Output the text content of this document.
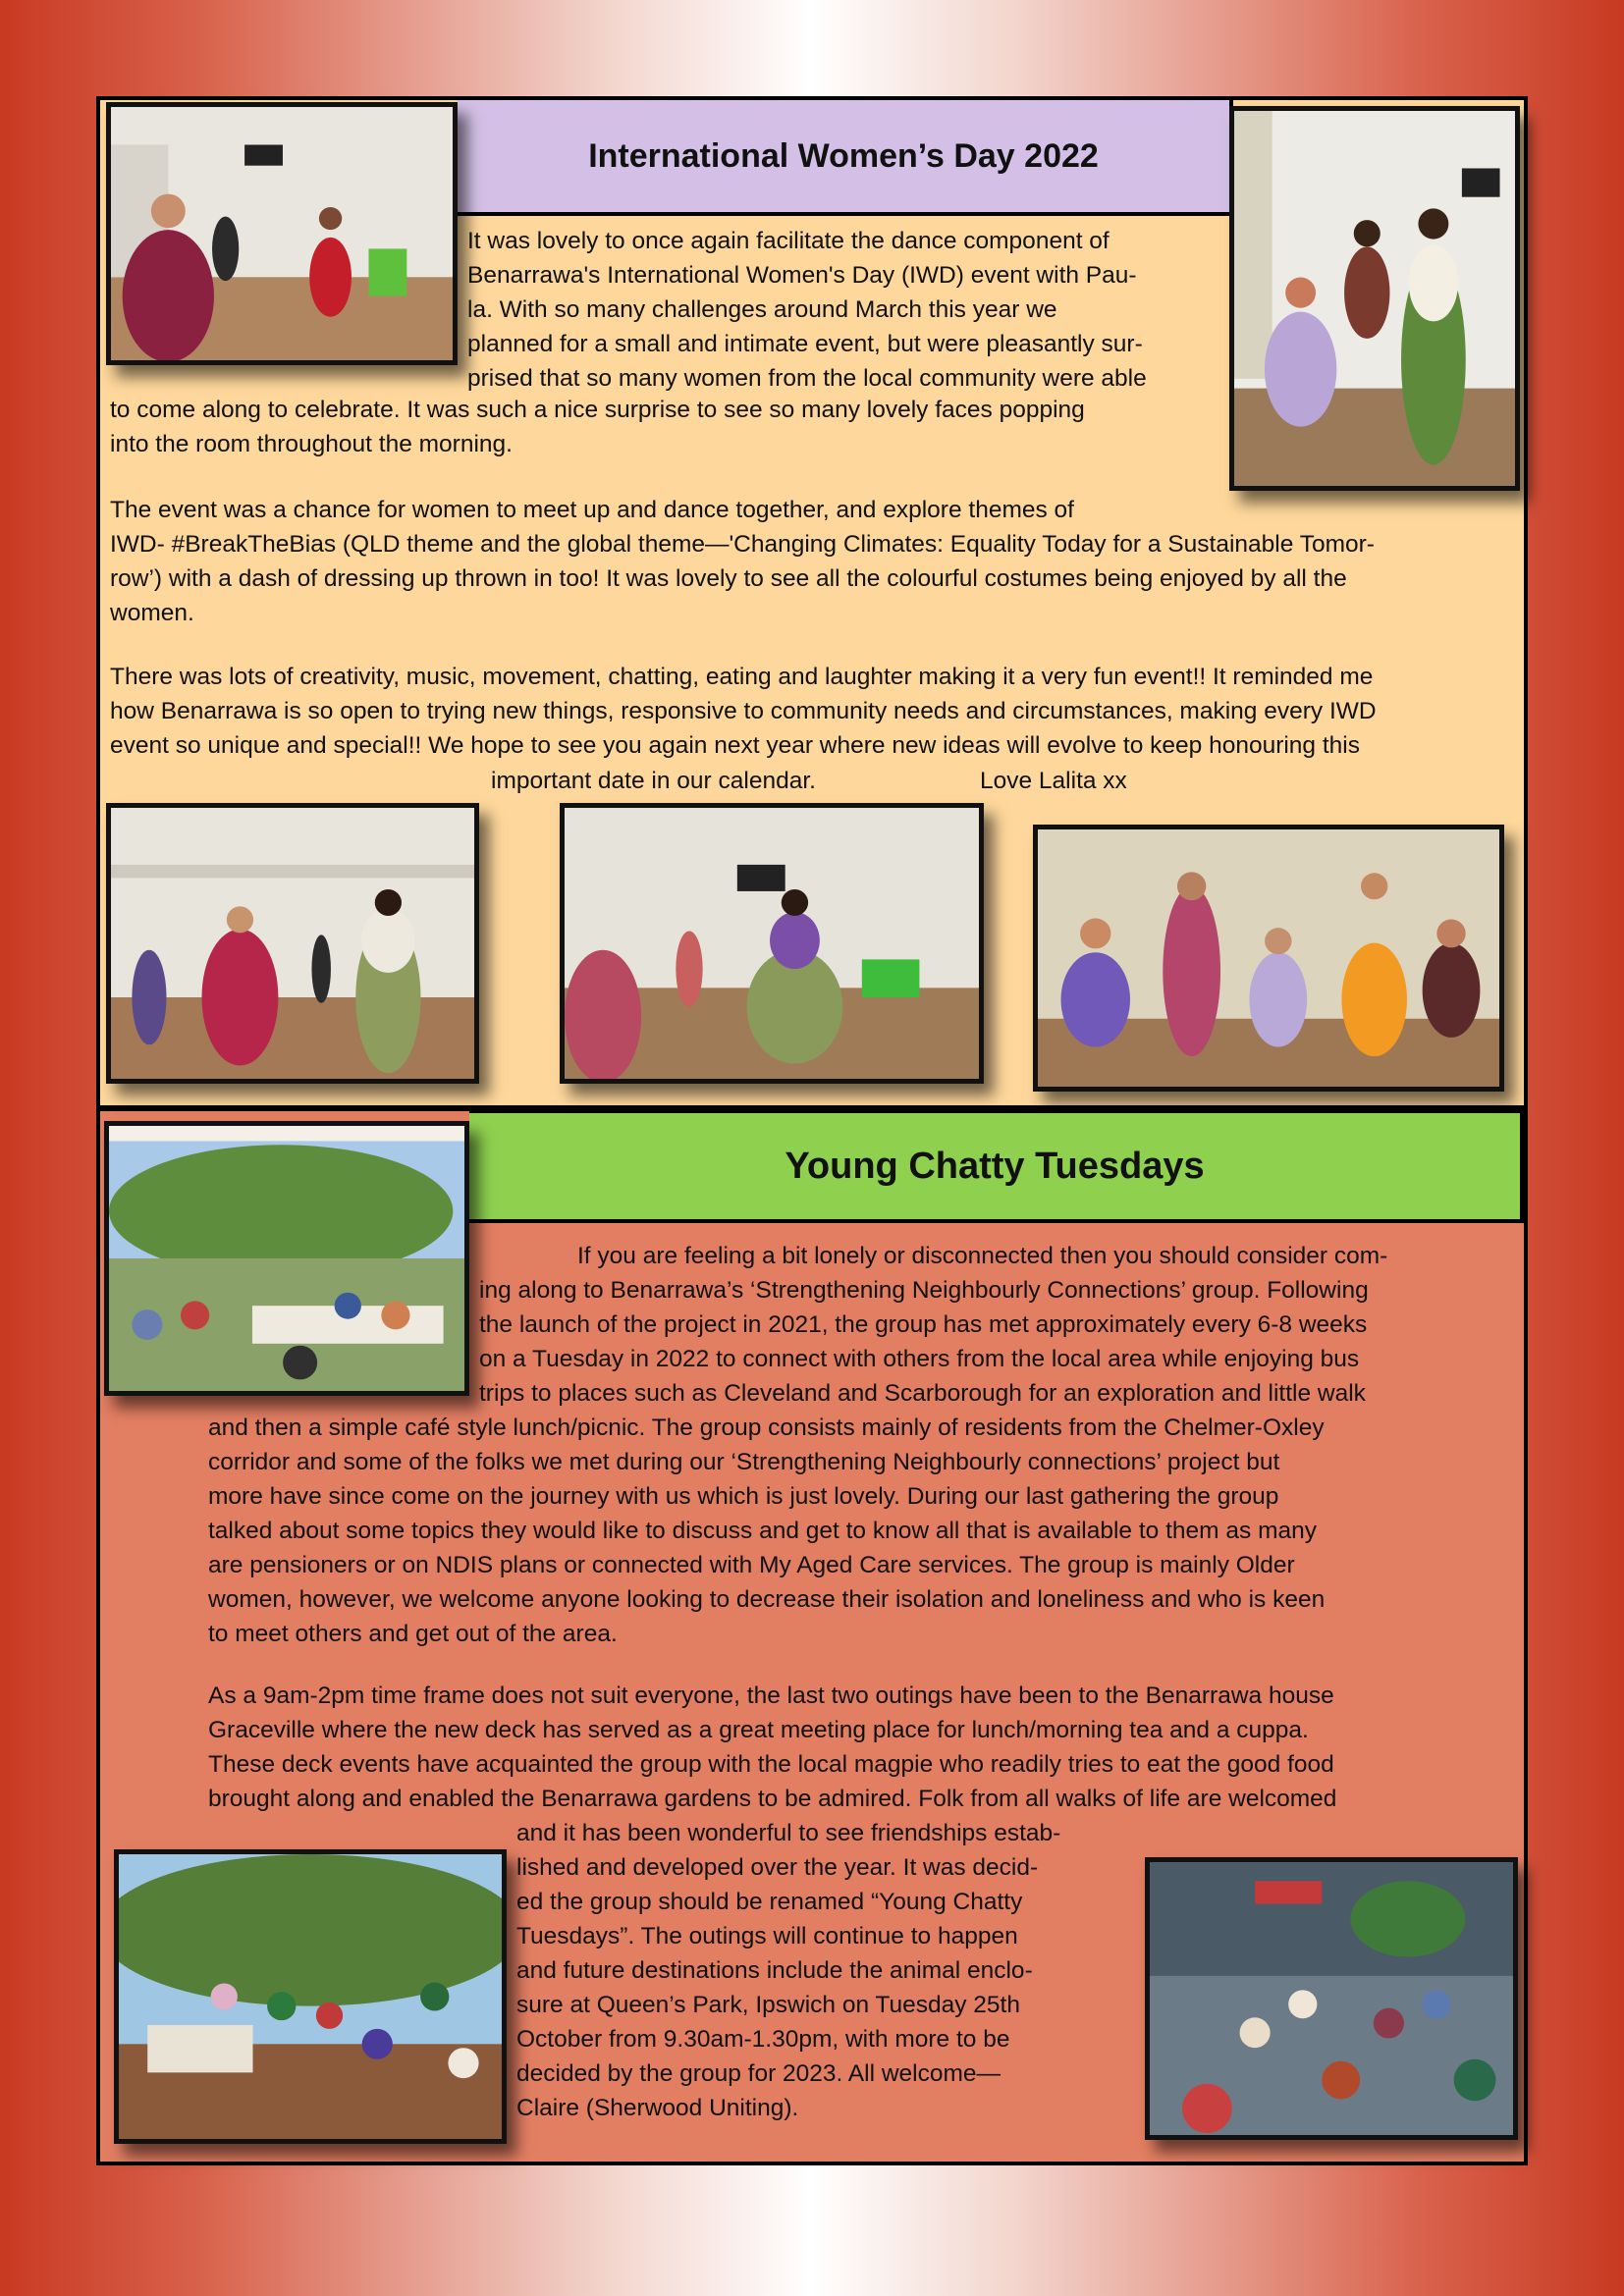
International Women’s Day 2022

It was lovely to once again facilitate the dance component of

Benarrawa's International Women's Day (IWD) event with Pau-

la. With so many challenges around March this year we

planned for a small and intimate event, but were pleasantly sur-

prised that so many women from the local community were able

to come along to celebrate. It was such a nice surprise to see so many lovely faces popping

into the room throughout the morning.

The event was a chance for women to meet up and dance together, and explore themes of

IWD- #BreakTheBias (QLD theme and the global theme—'Changing Climates: Equality Today for a Sustainable Tomor-

row’) with a dash of dressing up thrown in too! It was lovely to see all the colourful costumes being enjoyed by all the

women.

There was lots of creativity, music, movement, chatting, eating and laughter making it a very fun event!! It reminded me

how Benarrawa is so open to trying new things, responsive to community needs and circumstances, making every IWD

event so unique and special!! We hope to see you again next year where new ideas will evolve to keep honouring this

important date in our calendar.	Love Lalita xx
Young Chatty Tuesdays

If you are feeling a bit lonely or disconnected then you should consider com-

ing along to Benarrawa’s ‘Strengthening Neighbourly Connections’ group. Following

the launch of the project in 2021, the group has met approximately every 6-8 weeks

on a Tuesday in 2022 to connect with others from the local area while enjoying bus

trips to places such as Cleveland and Scarborough for an exploration and little walk

and then a simple café style lunch/picnic. The group consists mainly of residents from the Chelmer-Oxley

corridor and some of the folks we met during our ‘Strengthening Neighbourly connections’ project but

more have since come on the journey with us which is just lovely. During our last gathering the group

talked about some topics they would like to discuss and get to know all that is available to them as many

are pensioners or on NDIS plans or connected with My Aged Care services. The group is mainly Older

women, however, we welcome anyone looking to decrease their isolation and loneliness and who is keen

to meet others and get out of the area.

As a 9am-2pm time frame does not suit everyone, the last two outings have been to the Benarrawa house

Graceville where the new deck has served as a great meeting place for lunch/morning tea and a cuppa.

These deck events have acquainted the group with the local magpie who readily tries to eat the good food

brought along and enabled the Benarrawa gardens to be admired. Folk from all walks of life are welcomed

and it has been wonderful to see friendships estab-

lished and developed over the year. It was decid-

ed the group should be renamed “Young Chatty

Tuesdays”. The outings will continue to happen

and future destinations include the animal enclo-

sure at Queen’s Park, Ipswich on Tuesday 25th

October from 9.30am-1.30pm, with more to be

decided by the group for 2023. All welcome—

Claire (Sherwood Uniting).
